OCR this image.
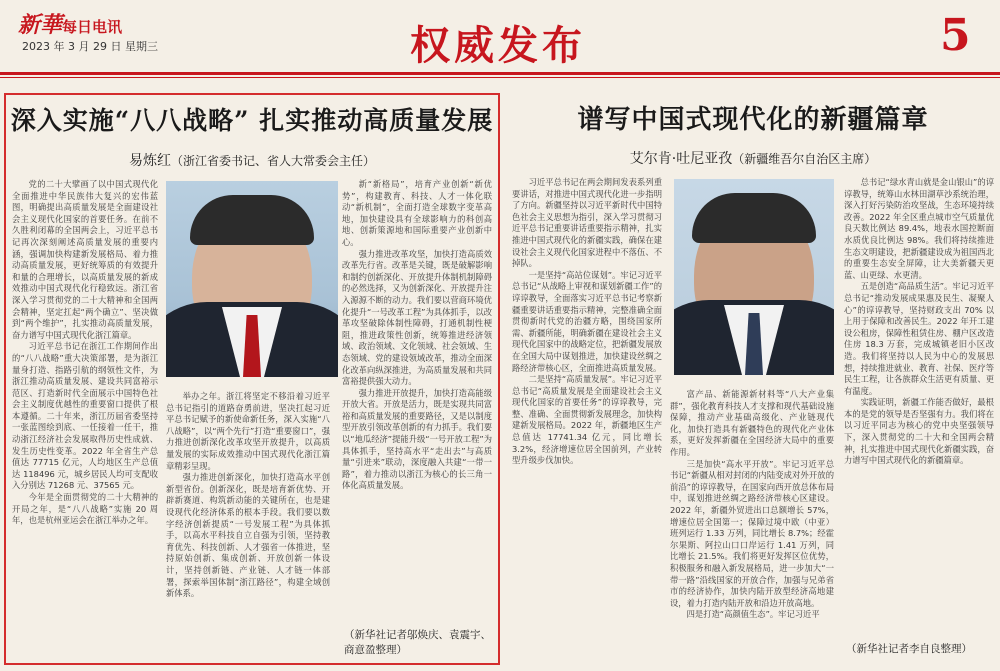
新華每日电讯
2023 年 3 月 29 日 星期三	权威发布	5
深入实施“八八战略” 扎实推动高质量发展
易炼红（浙江省委书记、省人大常委会主任）

党的二十大擘画了以中国式现代化全面推进中华民族伟大复兴的宏伟蓝图，明确提出高质量发展是全面建设社会主义现代化国家的首要任务。在前不久胜利闭幕的全国两会上，习近平总书记再次深刻阐述高质量发展的重要内涵，强调加快构建新发展格局、着力推动高质量发展，更好统筹质的有效提升和量的合理增长，以高质量发展的新成效推动中国式现代化行稳致远。浙江省深入学习贯彻党的二十大精神和全国两会精神，坚定扛起“两个确立”、坚决做到“两个维护”，扎实推动高质量发展，奋力谱写中国式现代化浙江篇章。

习近平总书记在浙江工作期间作出的“八八战略”重大决策部署，是为浙江量身打造、指路引航的纲领性文件，为浙江推动高质量发展、建设共同富裕示范区、打造新时代全面展示中国特色社会主义制度优越性的重要窗口提供了根本遵循。二十年来，浙江历届省委坚持一张蓝图绘到底、一任接着一任干，推动浙江经济社会发展取得历史性成就、发生历史性变革。2022 年全省生产总值达 77715 亿元，人均地区生产总值达 118496 元，城乡居民人均可支配收入分别达 71268 元、37565 元。

今年是全面贯彻党的二十大精神的开局之年，是“八八战略”实施 20 周年，也是杭州亚运会在浙江举办之年。

举办之年。浙江将坚定不移沿着习近平总书记指引的道路奋勇前进，坚决扛起习近平总书记赋予的新使命新任务，深入实施“八八战略”，以“两个先行”打造“重要窗口”，强力推进创新深化改革攻坚开放提升，以高质量发展的实际成效推动中国式现代化浙江篇章精彩呈现。

强力推进创新深化，加快打造高水平创新型省份。创新深化，既是培育新优势、开辟新赛道、构筑新动能的关键所在，也是建设现代化经济体系的根本手段。我们要以数字经济创新提质“一号发展工程”为具体抓手，以高水平科技自立自强为引领，坚持教育优先、科技创新、人才强省一体推进，坚持原始创新、集成创新、开放创新一体设计，坚持创新链、产业链、人才链一体部署，探索举国体制“浙江路径”，构建全域创新体系。

新“新格局”，培育产业创新“新优势”，构建教育、科技、人才一体化联动“新机制”，全面打造全球数字变革高地，加快建设具有全球影响力的科创高地、创新策源地和国际重要产业创新中心。

强力推进改革攻坚，加快打造高质效改革先行省。改革是关键，既是破解影响和制约创新深化、开放提升体制机制障碍的必然选择，又为创新深化、开放提升注入源源不断的动力。我们要以营商环境优化提升“一号改革工程”为具体抓手，以改革攻坚破除体制性障碍，打通机制性梗阻，推进政策性创新，统筹推进经济领域、政治领域、文化领域、社会领域、生态领域、党的建设领域改革，推动全面深化改革向纵深推进，为高质量发展和共同富裕提供强大动力。

强力推进开放提升，加快打造高能级开放大省。开放是活力，既是实现共同富裕和高质量发展的重要路径，又是以制度型开放引领改革创新的有力抓手。我们要以“地瓜经济”提能升级“一号开放工程”为具体抓手，坚持高水平“走出去”与高质量“引进来”联动，深度融入共建“一带一路”，着力推动以浙江为核心的长三角一体化高质量发展。

（新华社记者邬焕庆、袁震宇、商意盈整理）
谱写中国式现代化的新疆篇章
艾尔肯·吐尼亚孜（新疆维吾尔自治区主席）

习近平总书记在两会期间发表系列重要讲话，对推进中国式现代化进一步指明了方向。新疆坚持以习近平新时代中国特色社会主义思想为指引，深入学习贯彻习近平总书记重要讲话重要指示精神，扎实推进中国式现代化的新疆实践，确保在建设社会主义现代化国家进程中不落伍、不掉队。

一是坚持“高站位谋划”。牢记习近平总书记“从战略上审视和谋划新疆工作”的谆谆教导，全面落实习近平总书记考察新疆重要讲话重要指示精神，完整准确全面贯彻新时代党的治疆方略，围绕国家所需、新疆所能，明确新疆在建设社会主义现代化国家中的战略定位，把新疆发展放在全国大局中谋划推进，加快建设丝绸之路经济带核心区，全面推进高质量发展。

二是坚持“高质量发展”。牢记习近平总书记“高质量发展是全面建设社会主义现代化国家的首要任务”的谆谆教导，完整、准确、全面贯彻新发展理念，加快构建新发展格局。2022 年，新疆地区生产总值达 17741.34 亿元，同比增长 3.2%，经济增速位居全国前列，产业转型升级步伐加快。

富产品、新能源新材料等“八大产业集群”，强化教育科技人才支撑和现代基础设施保障，推动产业基础高级化、产业链现代化，加快打造具有新疆特色的现代化产业体系，更好发挥新疆在全国经济大局中的重要作用。

三是加快“高水平开放”。牢记习近平总书记“新疆从相对封闭的内陆变成对外开放的前沿”的谆谆教导，在国家向西开放总体布局中，谋划推进丝绸之路经济带核心区建设。2022 年，新疆外贸进出口总额增长 57%，增速位居全国第一；保障过境中欧（中亚）班列运行 1.33 万列，同比增长 8.7%；经霍尔果斯、阿拉山口口岸运行 1.41 万列，同比增长 21.5%。我们将更好发挥区位优势，积极服务和融入新发展格局，进一步加大“一带一路”沿线国家的开放合作，加强与兄弟省市的经济协作，加快内陆开放型经济高地建设，着力打造内陆开放和沿边开放高地。

四是打造“高颜值生态”。牢记习近平

总书记“绿水青山就是金山银山”的谆谆教导，统筹山水林田湖草沙系统治理，深入打好污染防治攻坚战，生态环境持续改善。2022 年全区重点城市空气质量优良天数比例达 89.4%，地表水国控断面水质优良比例达 98%。我们将持续推进生态文明建设，把新疆建设成为祖国西北的重要生态安全屏障，让大美新疆天更蓝、山更绿、水更清。

五是创造“高品质生活”。牢记习近平总书记“推动发展成果惠及民生、凝聚人心”的谆谆教导，坚持财政支出 70% 以上用于保障和改善民生。2022 年开工建设公租房，保障性租赁住房、棚户区改造住房 18.3 万套，完成城镇老旧小区改造。我们将坚持以人民为中心的发展思想，持续推进就业、教育、社保、医疗等民生工程，让各族群众生活更有质量、更有温度。

实践证明，新疆工作能否做好，最根本的是党的领导是否坚强有力。我们将在以习近平同志为核心的党中央坚强领导下，深入贯彻党的二十大和全国两会精神，扎实推进中国式现代化新疆实践，奋力谱写中国式现代化的新疆篇章。

（新华社记者李自良整理）
